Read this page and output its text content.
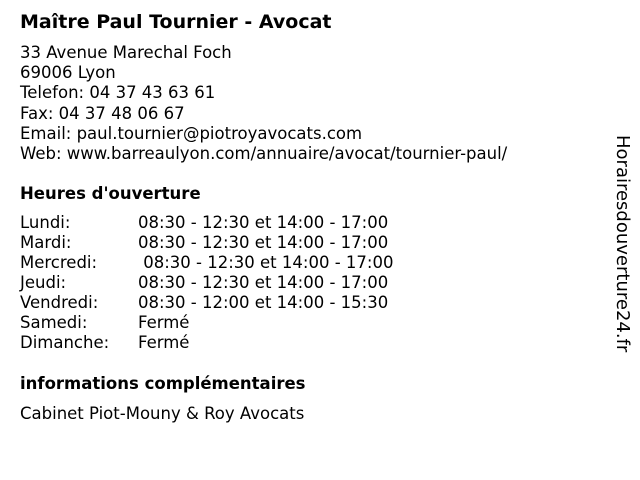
Maître Paul Tournier - Avocat
33 Avenue Marechal Foch
69006 Lyon
Telefon: 04 37 43 63 61
Fax: 04 37 48 06 67
Email: paul.tournier@piotroyavocats.com
Web: www.barreaulyon.com/annuaire/avocat/tournier-paul/
Heures d'ouverture
Lundi:	08:30 - 12:30 et 14:00 - 17:00
Mardi:	08:30 - 12:30 et 14:00 - 17:00
Mercredi: 08:30 - 12:30 et 14:00 - 17:00
Jeudi:	08:30 - 12:30 et 14:00 - 17:00
Vendredi: 08:30 - 12:00 et 14:00 - 15:30
Samedi:	Fermé
Dimanche: Fermé
informations complémentaires
Cabinet Piot-Mouny & Roy Avocats
Horairesdouverture24.fr
